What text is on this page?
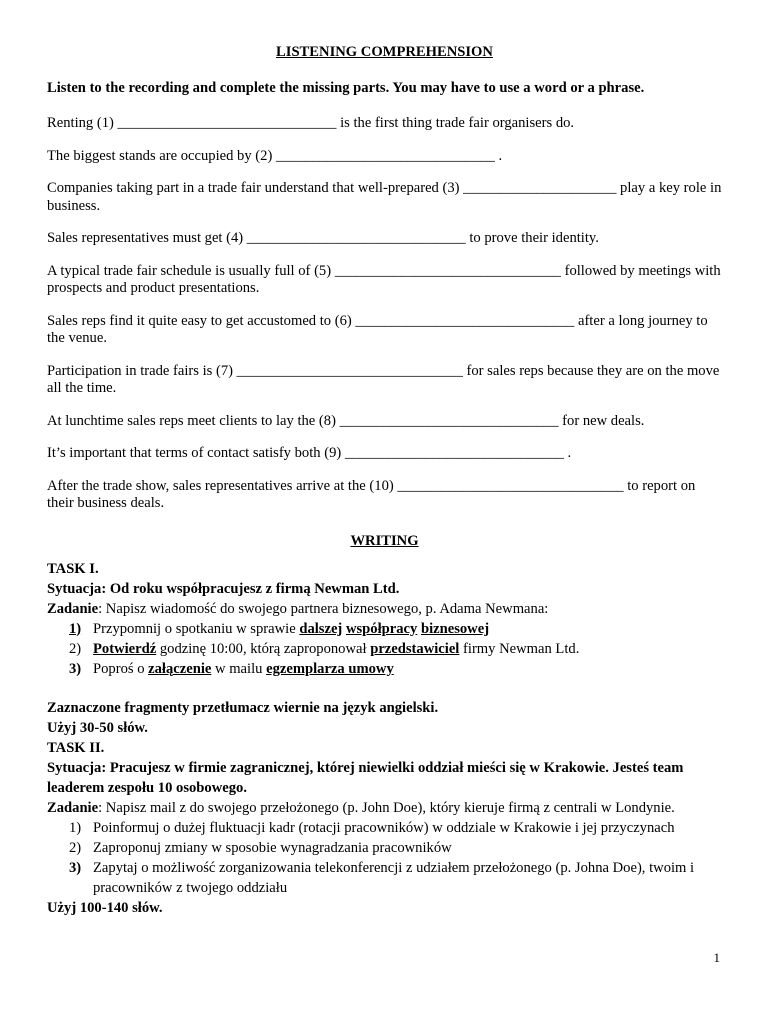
LISTENING COMPREHENSION
Listen to the recording and complete the missing parts. You may have to use a word or a phrase.

Renting (1) ______________________________ is the first thing trade fair organisers do.

The biggest stands are occupied by (2) ______________________________ .

Companies taking part in a trade fair understand that well-prepared (3) _____________________ play a key role in business.

Sales representatives must get (4) ______________________________ to prove their identity.

A typical trade fair schedule is usually full of (5) _______________________________ followed by meetings with prospects and product presentations.

Sales reps find it quite easy to get accustomed to (6) ______________________________ after a long journey to the venue.

Participation in trade fairs is (7) _______________________________ for sales reps because they are on the move all the time.

At lunchtime sales reps meet clients to lay the (8) ______________________________ for new deals.

It’s important that terms of contact satisfy both (9) ______________________________ .

After the trade show, sales representatives arrive at the (10) _______________________________ to report on their business deals.

WRITING

TASK I.

Sytuacja: Od roku współpracujesz z firmą Newman Ltd.

Zadanie: Napisz wiadomość do swojego partnera biznesowego, p. Adama Newmana:

1) Przypomnij o spotkaniu w sprawie dalszej współpracy biznesowej
2) Potwierdź godzinę 10:00, którą zaproponował przedstawiciel firmy Newman Ltd.
3) Poproś o załączenie w mailu egzemplarza umowy

Zaznaczone fragmenty przetłumacz wiernie na język angielski.

Użyj 30-50 słów.

TASK II.

Sytuacja: Pracujesz w firmie zagranicznej, której niewielki oddział mieści się w Krakowie. Jesteś team leaderem zespołu 10 osobowego.

Zadanie: Napisz mail z do swojego przełożonego (p. John Doe), który kieruje firmą z centrali w Londynie.

1) Poinformuj o dużej fluktuacji kadr (rotacji pracowników) w oddziale w Krakowie i jej przyczynach
2) Zaproponuj zmiany w sposobie wynagradzania pracowników
3) Zapytaj o możliwość zorganizowania telekonferencji z udziałem przełożonego (p. Johna Doe), twoim i pracowników z twojego oddziału

Użyj 100-140 słów.

1
